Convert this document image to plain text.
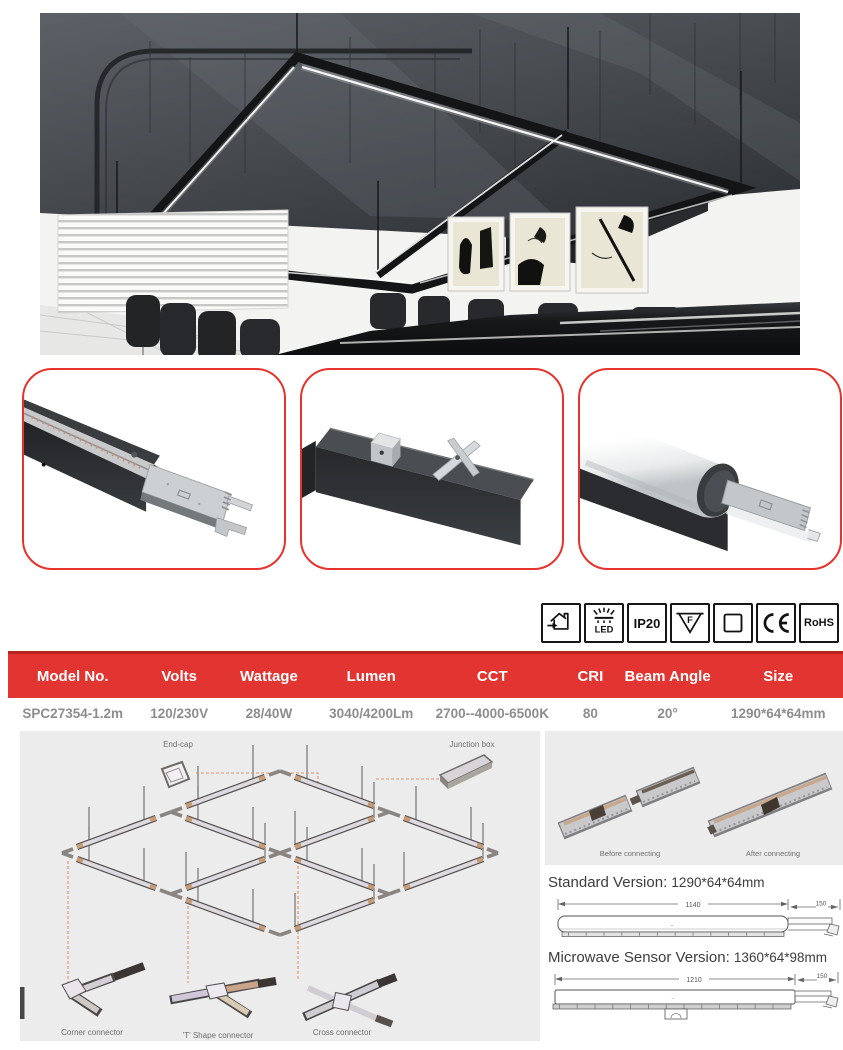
LED IP20 F	RoHS
Model No.	Volts	Wattage	Lumen	CCT	CRI	Beam Angle	Size
SPC27354-1.2m	120/230V	28/40W	3040/4200Lm	2700--4000-6500K	80	20°	1290*64*64mm
End-cap	Junction box
Corner connector	'T' Shape connector	Cross connector
Before connecting	After connecting
Standard Version: 1290*64*64mm
1140	150
..
Microwave Sensor Version: 1360*64*98mm
1210
150
..
